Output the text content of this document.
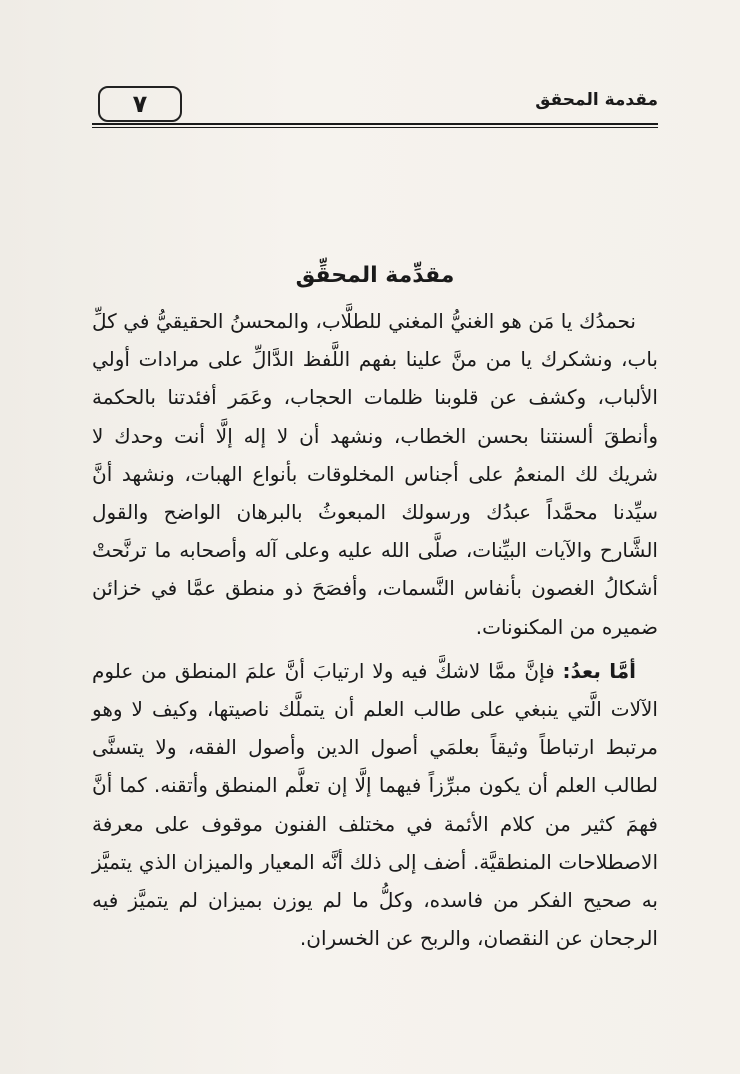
٧	مقدمة المحقق
مقدِّمة المحقِّق

نحمدُك يا مَن هو الغنيُّ المغني للطلَّاب، والمحسنُ الحقيقيُّ في كلِّ باب، ونشكرك يا من منَّ علينا بفهم اللَّفظ الدَّالِّ على مرادات أولي الألباب، وكشف عن قلوبنا ظلمات الحجاب، وعَمَر أفئدتنا بالحكمة وأنطقَ ألسنتنا بحسن الخطاب، ونشهد أن لا إله إلَّا أنت وحدك لا شريك لك المنعمُ على أجناس المخلوقات بأنواع الهبات، ونشهد أنَّ سيِّدنا محمَّداً عبدُك ورسولك المبعوثُ بالبرهان الواضح والقول الشَّارح والآيات البيِّنات، صلَّى الله عليه وعلى آله وأصحابه ما ترنَّحتْ أشكالُ الغصون بأنفاس النَّسمات، وأفصَحَ ذو منطق عمَّا في خزائن ضميره من المكنونات.

أمَّا بعدُ: فإنَّ ممَّا لاشكَّ فيه ولا ارتيابَ أنَّ علمَ المنطق من علوم الآلات الَّتي ينبغي على طالب العلم أن يتملَّك ناصيتها، وكيف لا وهو مرتبط ارتباطاً وثيقاً بعلمَي أصول الدين وأصول الفقه، ولا يتسنَّى لطالب العلم أن يكون مبرِّزاً فيهما إلَّا إن تعلَّم المنطق وأتقنه. كما أنَّ فهمَ كثير من كلام الأئمة في مختلف الفنون موقوف على معرفة الاصطلاحات المنطقيَّة. أضف إلى ذلك أنَّه المعيار والميزان الذي يتميَّز به صحيح الفكر من فاسده، وكلُّ ما لم يوزن بميزان لم يتميَّز فيه الرجحان عن النقصان، والربح عن الخسران.
